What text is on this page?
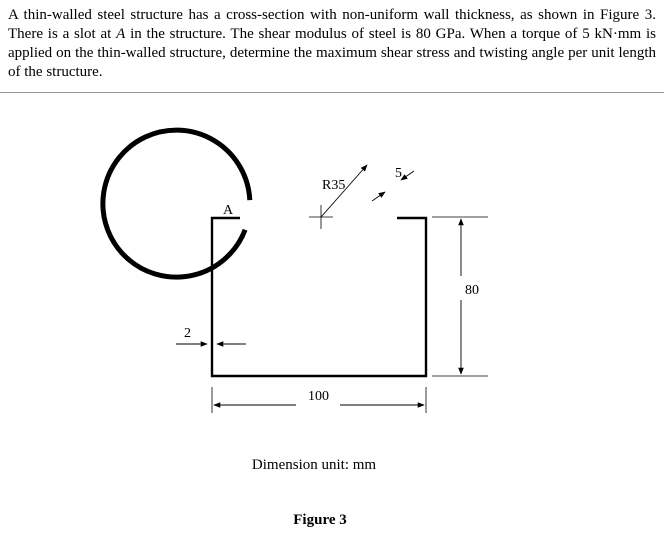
A thin-walled steel structure has a cross-section with non-uniform wall thickness, as shown in Figure 3. There is a slot at A in the structure. The shear modulus of steel is 80 GPa. When a torque of 5 kN·mm is applied on the thin-walled structure, determine the maximum shear stress and twisting angle per unit length of the structure.

A
R35
5
80
2
100
Dimension unit: mm
Figure 3
